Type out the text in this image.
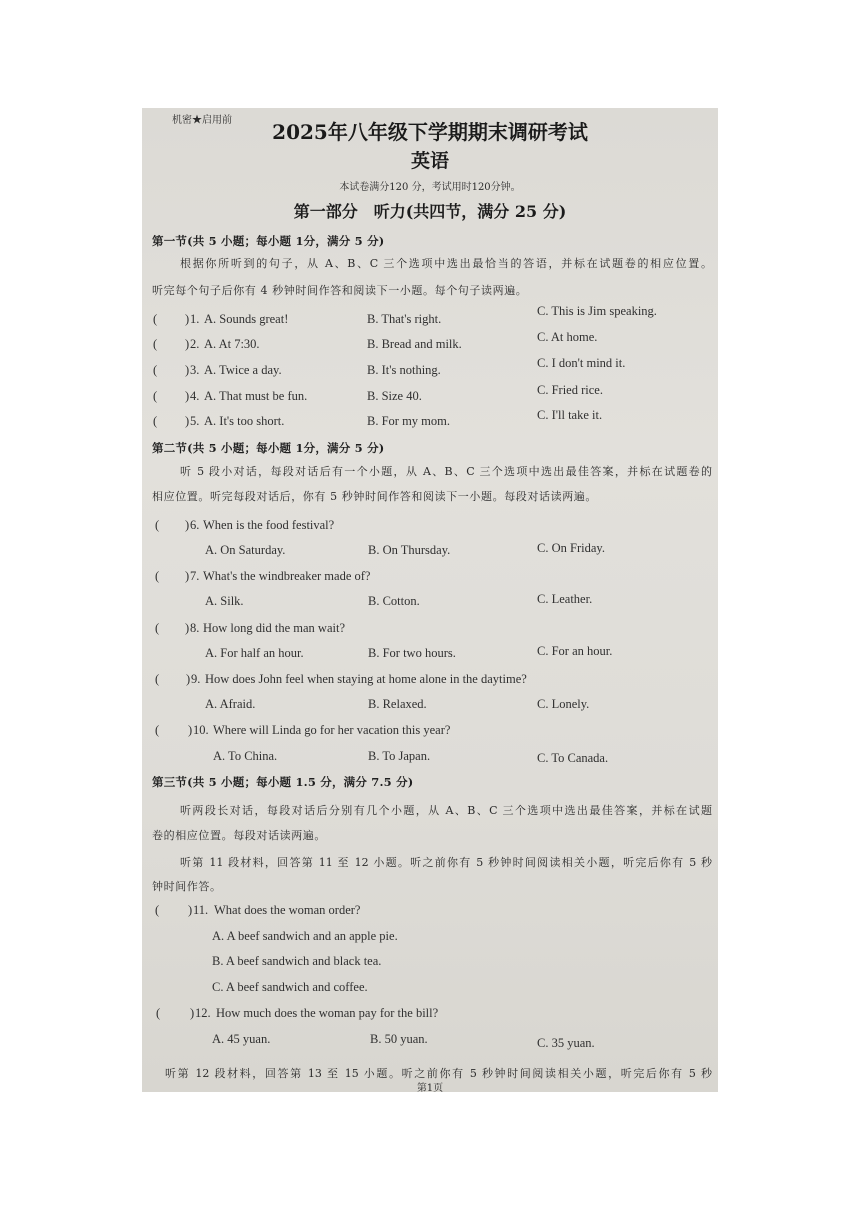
机密★启用前	2025年八年级下学期期末调研考试
英语
本试卷满分120 分，考试用时120分钟。
第一部分　听力(共四节，满分 25 分)
第一节(共 5 小题；每小题 1分，满分 5 分)
根据你所听到的句子，从 A、B、C 三个选项中选出最恰当的答语，并标在试题卷的相应位置。
听完每个句子后你有 4 秒钟时间作答和阅读下一小题。每个句子读两遍。
( ) 1. A. Sounds great!	B. That's right.
C. This is Jim speaking.
( ) 2. A. At 7:30.	B. Bread and milk.	C. At home.
( ) 3. A. Twice a day.	B. It's nothing.	C. I don't mind it.
( ) 4. A. That must be fun.	B. Size 40.	C. Fried rice.
( ) 5. A. It's too short.	B. For my mom.	C. I'll take it.
第二节(共 5 小题；每小题 1分，满分 5 分)
听 5 段小对话，每段对话后有一个小题，从 A、B、C 三个选项中选出最佳答案，并标在试题卷的
相应位置。听完每段对话后，你有 5 秒钟时间作答和阅读下一小题。每段对话读两遍。
( ) 6. When is the food festival?
A. On Saturday.	B. On Thursday.	C. On Friday.
( ) 7. What's the windbreaker made of?
A. Silk.	B. Cotton.	C. Leather.
( ) 8. How long did the man wait?
A. For half an hour.	B. For two hours.	C. For an hour.
( ) 9. How does John feel when staying at home alone in the daytime?
A. Afraid.	B. Relaxed.	C. Lonely.
( ) 10. Where will Linda go for her vacation this year?
A. To China.	B. To Japan.	C. To Canada.
第三节(共 5 小题；每小题 1.5 分，满分 7.5 分)
听两段长对话，每段对话后分别有几个小题，从 A、B、C 三个选项中选出最佳答案，并标在试题
卷的相应位置。每段对话读两遍。
听第 11 段材料，回答第 11 至 12 小题。听之前你有 5 秒钟时间阅读相关小题，听完后你有 5 秒
钟时间作答。
( ) 11. What does the woman order?
A. A beef sandwich and an apple pie.
B. A beef sandwich and black tea.
C. A beef sandwich and coffee.
( ) 12. How much does the woman pay for the bill?
A. 45 yuan.	B. 50 yuan.	C. 35 yuan.
听第 12 段材料，回答第 13 至 15 小题。听之前你有 5 秒钟时间阅读相关小题，听完后你有 5 秒
第1页
